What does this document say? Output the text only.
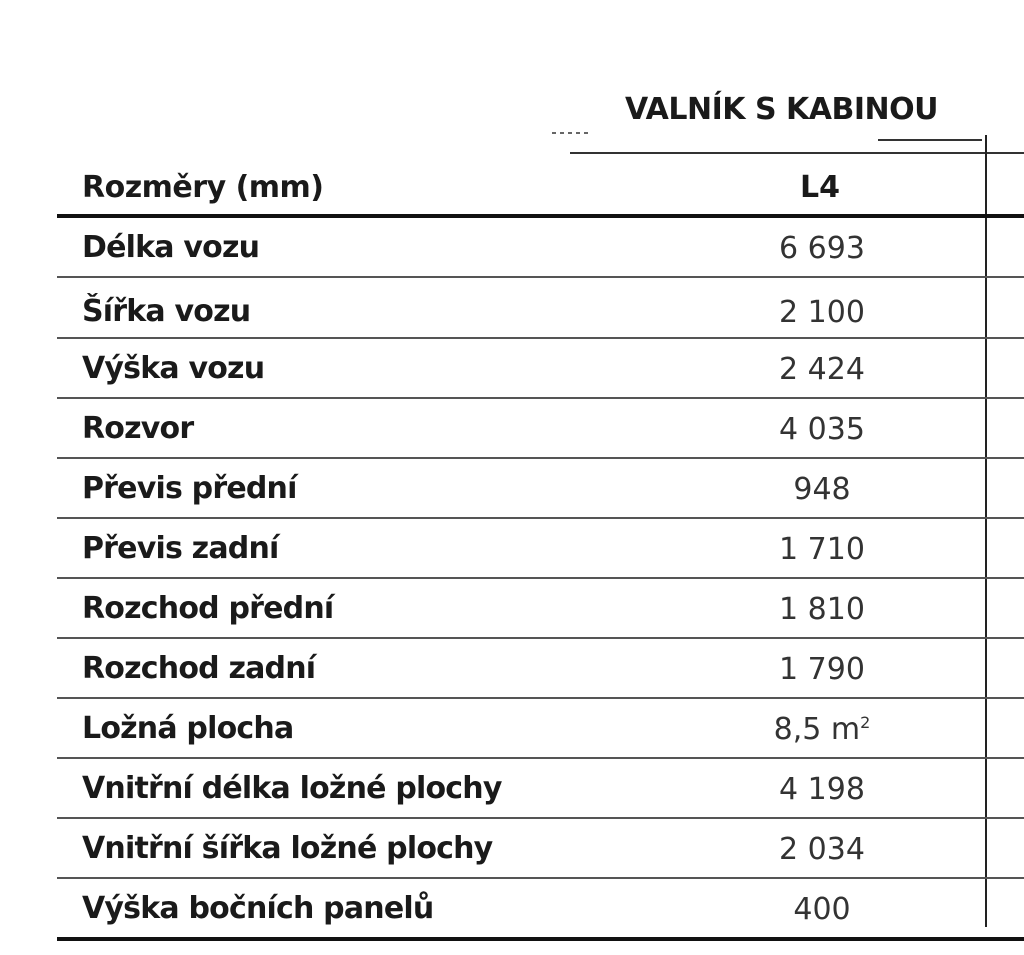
VALNÍK S KABINOU
Rozměry (mm)	L4
Délka vozu	6 693
Šířka vozu	2 100
Výška vozu	2 424
Rozvor	4 035
Převis přední	948
Převis zadní	1 710
Rozchod přední	1 810
Rozchod zadní	1 790
Ložná plocha	8,5 $m^2$
Vnitřní délka ložné plochy	4 198
Vnitřní šířka ložné plochy	2 034
Výška bočních panelů	400
